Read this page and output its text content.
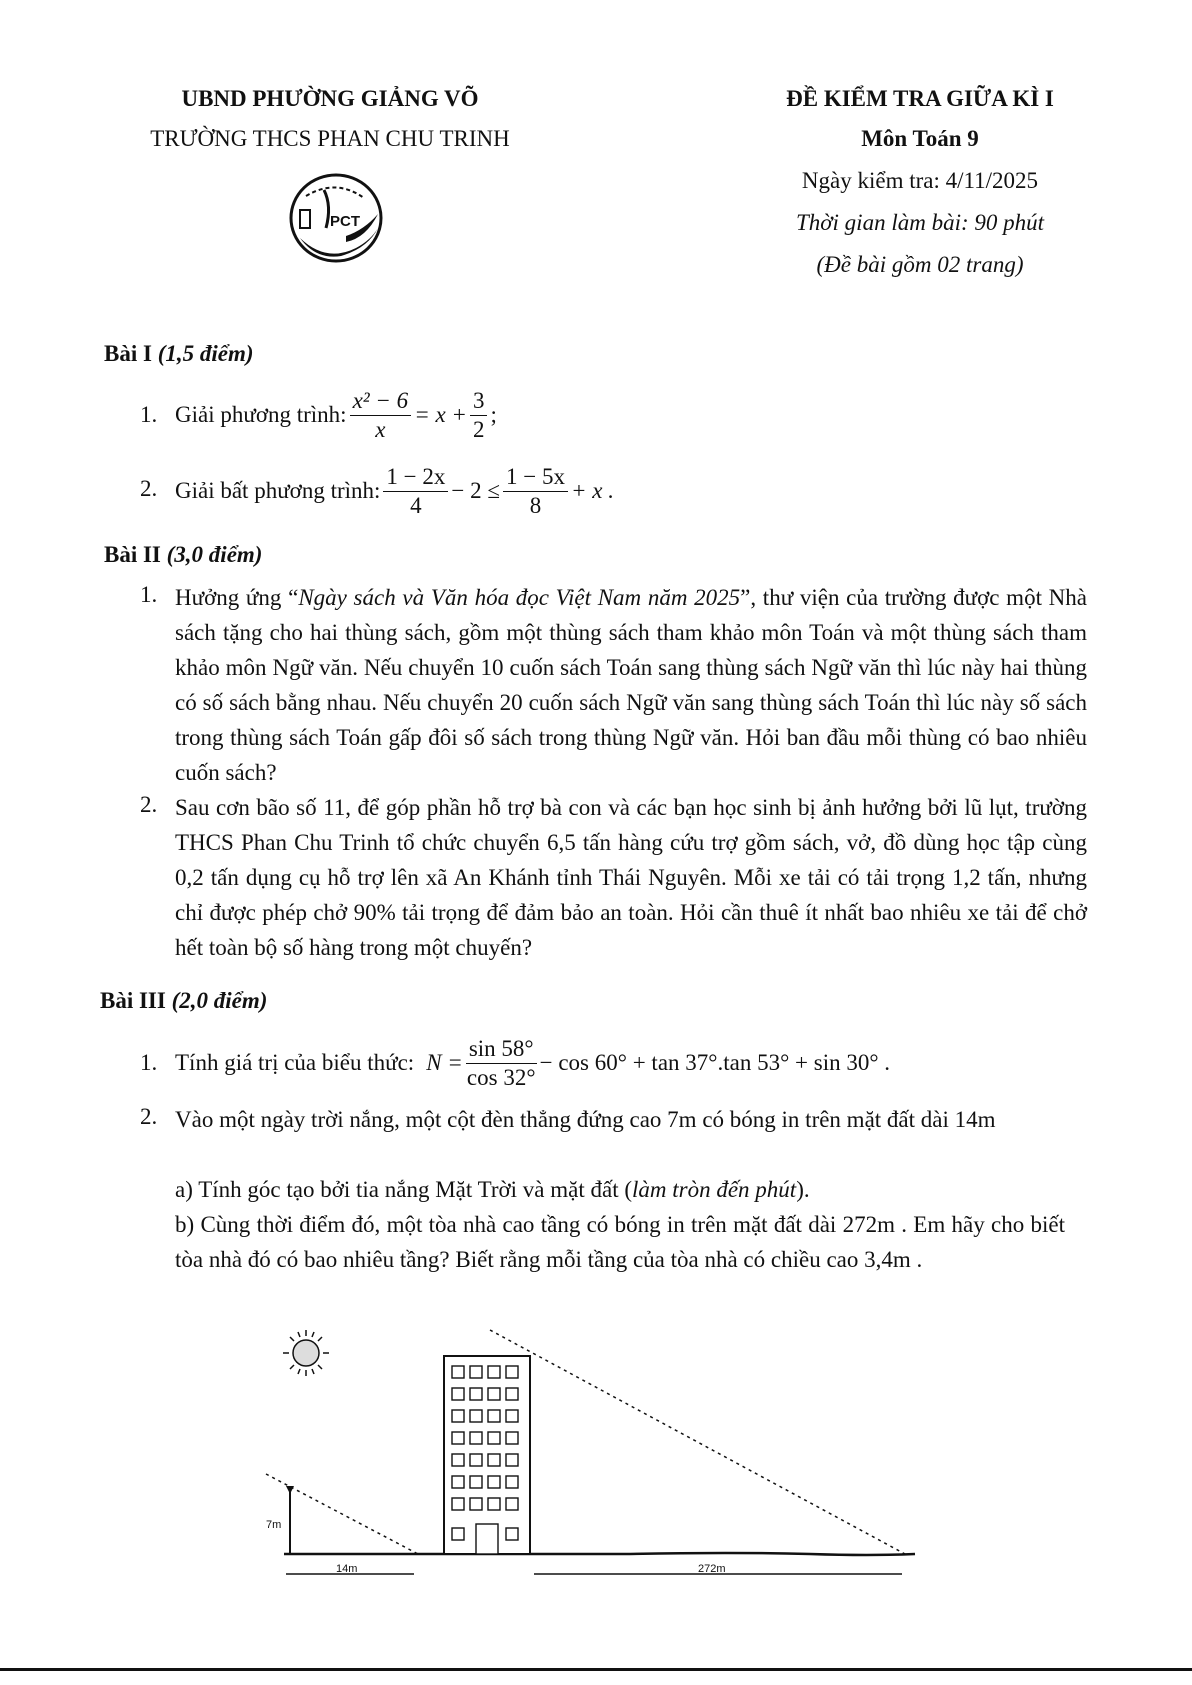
UBND PHƯỜNG GIẢNG VÕ
TRƯỜNG THCS PHAN CHU TRINH
PCT
ĐỀ KIỂM TRA GIỮA KÌ I
Môn Toán 9
Ngày kiểm tra: 4/11/2025
Thời gian làm bài: 90 phút
(Đề bài gồm 02 trang)
Bài I (1,5 điểm)
1. Giải phương trình: $\frac{\text{x² − 6}}{x} = x + \frac{3}{2}$ ;
2. Giải bất phương trình: $\frac{1 - 2x}{4} - 2 \le \frac{1 - 5x}{8} + x$ .
Bài II (3,0 điểm)
1. Hưởng ứng “Ngày sách và Văn hóa đọc Việt Nam năm 2025”, thư viện của trường được một Nhà sách tặng cho hai thùng sách, gồm một thùng sách tham khảo môn Toán và một thùng sách tham khảo môn Ngữ văn. Nếu chuyển 10 cuốn sách Toán sang thùng sách Ngữ văn thì lúc này hai thùng có số sách bằng nhau. Nếu chuyển 20 cuốn sách Ngữ văn sang thùng sách Toán thì lúc này số sách trong thùng sách Toán gấp đôi số sách trong thùng Ngữ văn. Hỏi ban đầu mỗi thùng có bao nhiêu cuốn sách?
2. Sau cơn bão số 11, để góp phần hỗ trợ bà con và các bạn học sinh bị ảnh hưởng bởi lũ lụt, trường THCS Phan Chu Trinh tổ chức chuyển 6,5 tấn hàng cứu trợ gồm sách, vở, đồ dùng học tập cùng 0,2 tấn dụng cụ hỗ trợ lên xã An Khánh tỉnh Thái Nguyên. Mỗi xe tải có tải trọng 1,2 tấn, nhưng chỉ được phép chở 90% tải trọng để đảm bảo an toàn. Hỏi cần thuê ít nhất bao nhiêu xe tải để chở hết toàn bộ số hàng trong một chuyến?
Bài III (2,0 điểm)
1. Tính giá trị của biểu thức: $N = \frac{\sin 58^\circ}{\cos 32^\circ} - \cos 60^\circ + \tan 37^\circ.\tan$ 53° + sin 30° .
2. Vào một ngày trời nắng, một cột đèn thẳng đứng cao 7m có bóng in trên mặt đất dài 14m
a) Tính góc tạo bởi tia nắng Mặt Trời và mặt đất (làm tròn đến phút).
b) Cùng thời điểm đó, một tòa nhà cao tầng có bóng in trên mặt đất dài 272m . Em hãy cho biết tòa nhà đó có bao nhiêu tầng? Biết rằng mỗi tầng của tòa nhà có chiều cao 3,4m .
7m
14m	272m
